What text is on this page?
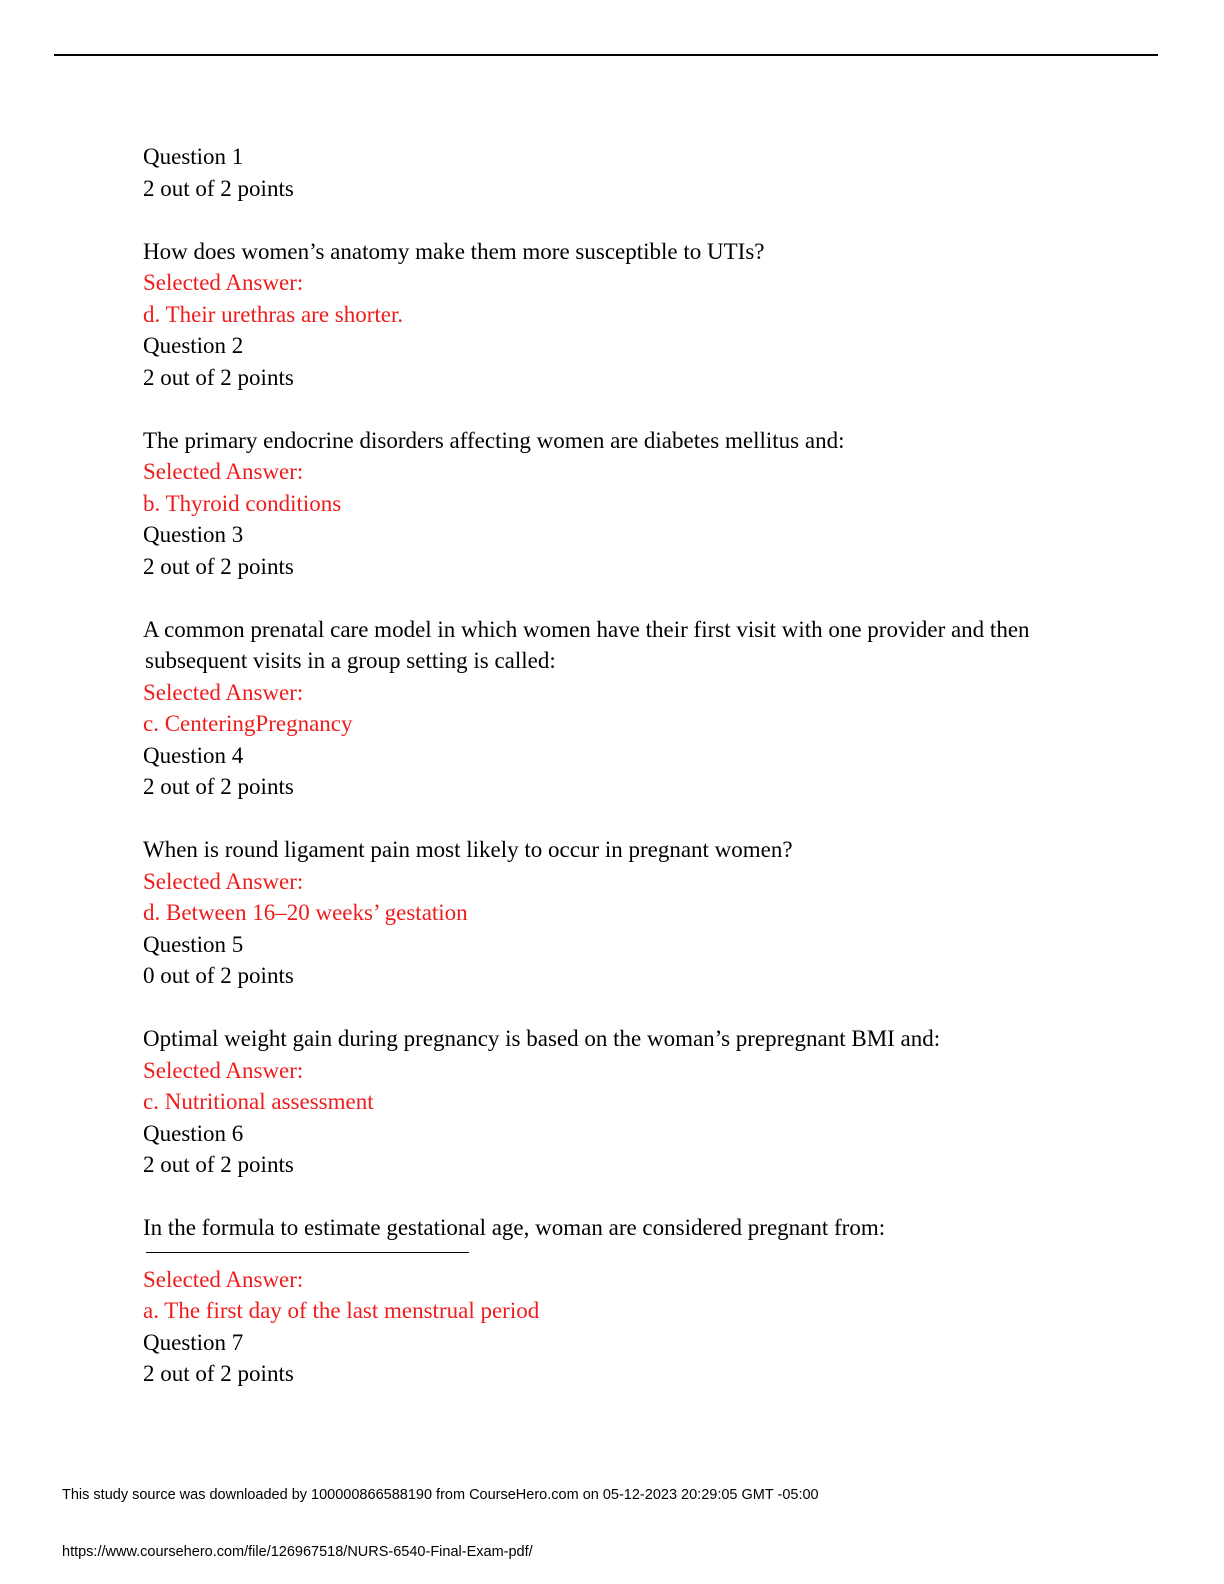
Question 1
2 out of 2 points
How does women’s anatomy make them more susceptible to UTIs?
Selected Answer:
d. Their urethras are shorter.
Question 2
2 out of 2 points
The primary endocrine disorders affecting women are diabetes mellitus and:
Selected Answer:
b. Thyroid conditions
Question 3
2 out of 2 points
A common prenatal care model in which women have their first visit with one provider and then
subsequent visits in a group setting is called:
Selected Answer:
c. CenteringPregnancy
Question 4
2 out of 2 points
When is round ligament pain most likely to occur in pregnant women?
Selected Answer:
d. Between 16–20 weeks’ gestation
Question 5
0 out of 2 points
Optimal weight gain during pregnancy is based on the woman’s prepregnant BMI and:
Selected Answer:
c. Nutritional assessment
Question 6
2 out of 2 points
In the formula to estimate gestational age, woman are considered pregnant from:
Selected Answer:
a. The first day of the last menstrual period
Question 7
2 out of 2 points
This study source was downloaded by 100000866588190 from CourseHero.com on 05-12-2023 20:29:05 GMT -05:00
https://www.coursehero.com/file/126967518/NURS-6540-Final-Exam-pdf/
